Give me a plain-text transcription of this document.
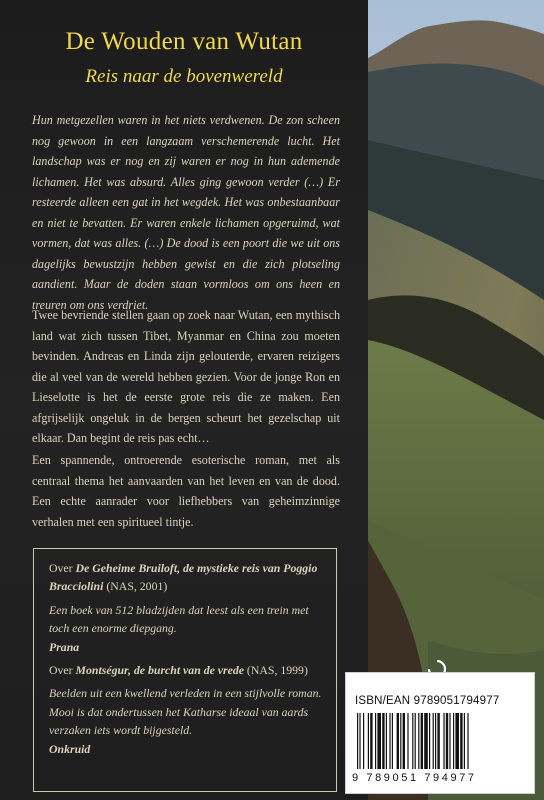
De Wouden van Wutan
Reis naar de bovenwereld

Hun metgezellen waren in het niets verdwenen. De zon scheen nog gewoon in een langzaam verschemerende lucht. Het landschap was er nog en zij waren er nog in hun ademende lichamen. Het was absurd. Alles ging gewoon verder (…) Er resteerde alleen een gat in het wegdek. Het was onbestaanbaar en niet te bevatten. Er waren enkele lichamen opgeruimd, wat vormen, dat was alles. (…) De dood is een poort die we uit ons dagelijks bewustzijn hebben gewist en die zich plotseling aandient. Maar de doden staan vormloos om ons heen en treuren om ons verdriet.

Twee bevriende stellen gaan op zoek naar Wutan, een mythisch land wat zich tussen Tibet, Myanmar en China zou moeten bevinden. Andreas en Linda zijn gelouterde, ervaren reizigers die al veel van de wereld hebben gezien. Voor de jonge Ron en Lieselotte is het de eerste grote reis die ze maken. Een afgrijselijk ongeluk in de bergen scheurt het gezelschap uit elkaar. Dan begint de reis pas echt…

Een spannende, ontroerende esoterische roman, met als centraal thema het aanvaarden van het leven en van de dood. Een echte aanrader voor liefhebbers van geheimzinnige verhalen met een spiritueel tintje.

Over De Geheime Bruiloft, de mystieke reis van Poggio Bracciolini (NAS, 2001)

Een boek van 512 bladzijden dat leest als een trein met toch een enorme diepgang.

Prana

Over Montségur, de burcht van de vrede (NAS, 1999)

Beelden uit een kwellend verleden in een stijlvolle roman. Mooi is dat ondertussen het Katharse ideaal van aards verzaken iets wordt bijgesteld.

Onkruid

ISBN/EAN 9789051794977

9 789051 794977
